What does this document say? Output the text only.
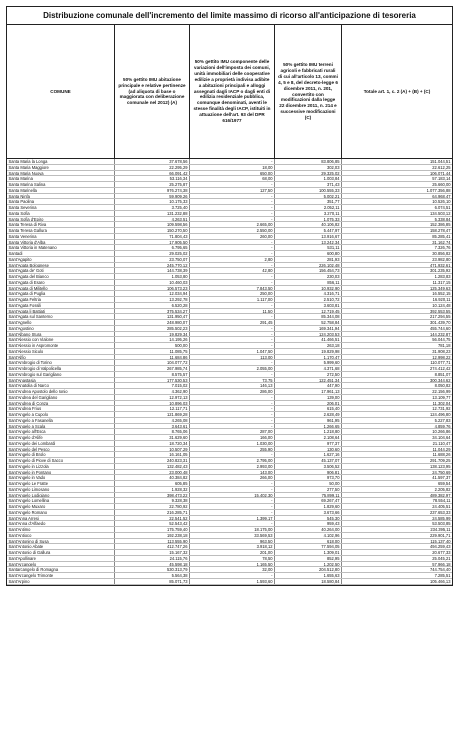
Distribuzione comunale dell'incremento del limite massimo di ricorso all'anticipazione di tesoreria
COMUNE
50% gettito IMU abitazione principale e relative pertinenze (ad aliquota di base o maggiorata con deliberazione comunale nel 2012) (A)
50% gettito IMU componente delle variazioni dell'imposta dei comuni, unità immobiliari delle cooperative edilizie a proprietà indivisa adibite a abitazioni principali e alloggi assegnati dagli IACP o dagli enti di edilizia residenziale pubblica, comunque denominati, aventi le stesse finalità degli IACP, istituiti in attuazione dell'art. 93 del DPR 616/1977
50% gettito IMU terreni agricoli e fabbricati rurali di cui all'articolo 13, commi 4, 5 e 8, del decreto-legge 6 dicembre 2011, n. 201, convertito con modificazioni dalla legge 22 dicembre 2011, n. 214 e successive modificazioni (C)
Totale art. 1, c. 2 (A) + (B) + (C)
Santa Maria la Longa	37.678,56	-	83.806,85	151.044,51
Santa Maria Maggiore	22.295,29	18,00	302,03	22.612,25
Santa Maria Nuova	66.091,42	650,00	29.325,02	106.071,44
Santa Marina	53.116,34	68,00	1.003,84	57.183,14
Santa Marina Salina	25.275,87	-	371,43	25.660,00
Santa Marinella	976.274,38	127,50	100.555,33	1.077.356,88
Santa Ninfa	59.909,26	-	5.002,21	64.968,47
Santa Paolina	10.175,33	-	351,77	10.526,10
Santa Severina	3.725,40	-	2.052,11	6.074,51
Santa Sofia	131.232,88	-	3.270,11	134.503,12
Santa Sofia d'Epiro	4.263,51	-	1.075,33	5.338,84
Santa Teresa di Riva	109.598,56	2.665,00	40.106,82	152.386,85
Santa Teresa Gallura	150.270,50	2.550,00	5.447,97	158.278,47
Santa Venerina	71.804,43	260,00	13.916,67	85.285,41
Santa Vittoria d'Alba	17.905,50	-	13.242,34	31.162,74
Santa Vittoria in Matenano	6.795,65	-	531,11	7.326,76
Santadi	29.025,02	-	600,80	30.856,82
Sant'Agapito	23.750,07	2,80	281,93	23.982,80
Sant'Agata Bolognese	245.770,12	-	226.102,48	471.932,61
Sant'Agata de' Goti	144.738,39	42,80	156.454,73	301.235,92
Sant'Agata del Bianco	1.053,80	-	230,03	1.283,83
Sant'Agata di Esaro	10.460,03	-	856,11	11.317,15
Sant'Agata di Militello	106.573,23	7.843,50	10.932,90	125.349,63
Sant'Agata di Puglia	12.034,94	250,00	4.316,71	16.552,15
Sant'Agata Feltria	13.292,78	1.117,00	2.510,72	16.920,11
Sant'Agata Fossili	6.520,28	-	3.603,81	10.124,48
Sant'Agata li Battiati	375.534,27	11,50	12.719,45	392.553,55
Sant'Agata sul Santerno	131.950,47	-	85.344,08	217.294,55
Sant'Agnello	248.980,07	291,45	52.758,84	301.439,70
Sant'Agostino	285.502,23	-	169.341,94	455.744,60
Sant'Albano Stura	19.829,34	-	124.203,53	144.232,87
Sant'Alessio con Vialone	14.195,26	-	41.466,51	56.044,75
Sant'Alessio in Aspromonte	500,00	-	263,18	781,18
Sant'Alessio Siculo	11.085,75	1.047,50	19.829,98	31.908,23
Sant'Alfio	11.684,86	113,00	1.170,47	12.998,22
Sant'Ambrogio di Torino	104.077,72	-	5.999,60	110.077,71
Sant'Ambrogio di Valpolicella	267.985,74	2.055,00	4.371,68	274.412,42
Sant'Ambrogio sul Garigliano	8.575,57	-	272,50	8.851,07
Sant'Anastasia	177.530,53	73,75	122.451,34	300.344,62
Sant'Anatolia di Narco	7.015,02	146,13	447,90	8.050,82
Sant'Andrea Apostolo dello Ionio	4.362,90	286,00	17.961,13	22.156,99
Sant'Andrea del Garigliano	12.972,13	-	139,00	13.109,77
Sant'Andrea di Conza	10.896,03	-	206,01	11.302,04
Sant'Andrea Frius	12.117,71	-	615,40	12.731,92
Sant'Angelo a Cupolo	121.869,28	-	2.628,49	124.496,80
Sant'Angelo a Fasanella	4.265,08	-	961,95	5.227,83
Sant'Angelo a Scala	3.643,61	-	1.266,65	4.859,76
Sant'Angelo all'Esca	8.765,06	287,00	1.218,80	10.266,86
Sant'Angelo d'Alife	31.629,60	166,00	2.108,64	34.104,64
Sant'Angelo dei Lombardi	18.720,34	1.030,00	977,37	21.110,47
Sant'Angelo del Pesco	10.507,29	255,90	130,60	11.044,29
Sant'Angelo di Brolo	16.161,05	-	1.627,16	11.688,26
Sant'Angelo di Piove di Sacco	240.823,31	2.795,00	45.137,07	291.709,25
Sant'Angelo in Lizzola	132.482,43	2.993,00	3.506,52	138.123,95
Sant'Angelo in Pontano	23.000,48	143,00	906,81	24.750,69
Sant'Angelo in Vado	40.384,82	266,00	973,70	41.597,37
Sant'Angelo Le Fratte	605,85	-	50,00	659,54
Sant'Angelo Limosano	1.928,32	-	277,50	2.205,82
Sant'Angelo Lodigiano	398.473,22	15.402,30	75.899,11	489.382,97
Sant'Angelo Lomellina	9.328,38	-	69.267,47	78.554,11
Sant'Angelo Muxaro	22.780,92	-	1.829,60	24.405,51
Sant'Angelo Romano	216.285,71	-	3.673,66	237.653,33
Sant'Anna Arresi	22.541,52	1.399,17	545,30	24.585,99
Sant'Anna d'Alfaedo	52.543,42	-	959,43	53.503,85
Sant'Antimo	175.759,40	18.175,00	40.264,00	234.395,11
Sant'Antioco	192.238,18	33.569,53	4.102,96	229.901,71
Sant'Antonino di Susa	113.555,90	963,50	618,00	115.137,40
Sant'Antonio Abate	412.747,26	3.918,12	77.594,05	494.259,43
Sant'Antonio di Gallura	15.167,32	201,00	1.309,01	20.677,33
Sant'Apollinare	24.115,76	78,50	852,95	25.045,21
Sant'Arcangelo	45.598,18	1.165,50	1.202,50	57.966,18
Santarcangelo di Romagna	530.313,79	32,00	204.512,80	744.754,40
Sant'Arcangelo Trimonte	5.564,38	-	1.655,63	7.285,51
Sant'Arpino	85.071,73	1.593,60	18.580,84	105.466,13
